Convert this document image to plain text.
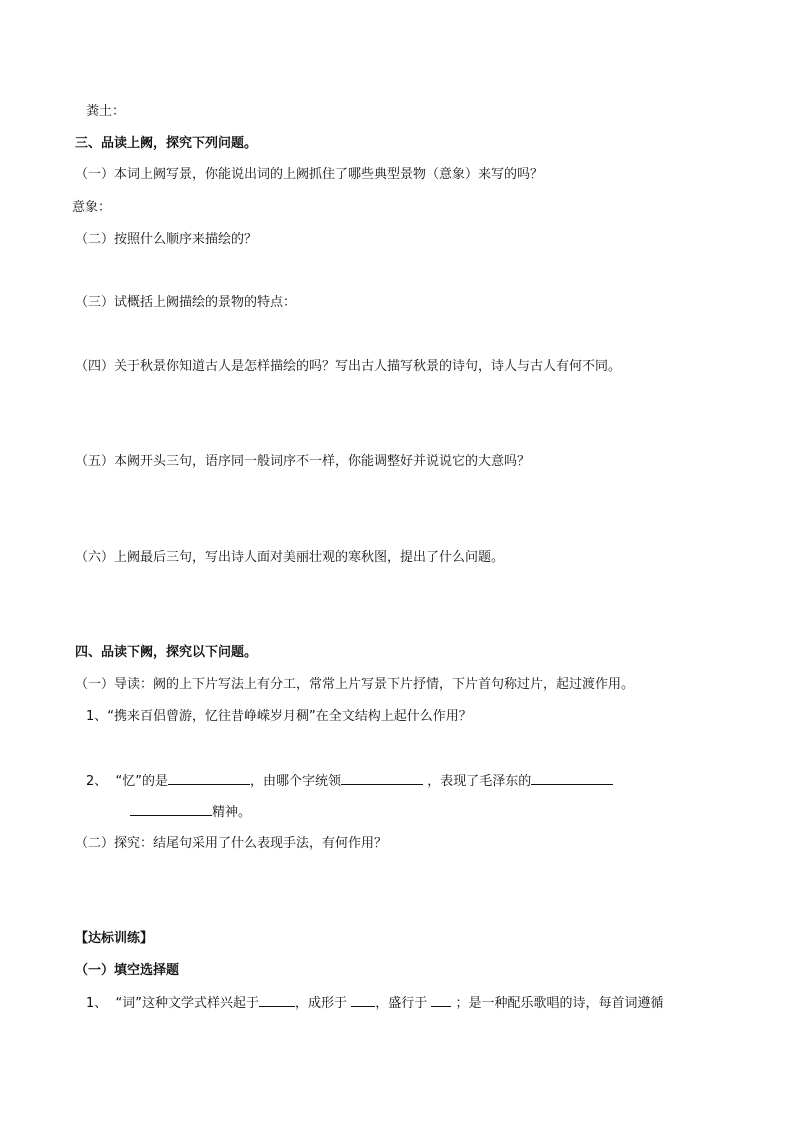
粪土：
三、品读上阙，探究下列问题。
（一）本词上阙写景，你能说出词的上阙抓住了哪些典型景物（意象）来写的吗？
意象：
（二）按照什么顺序来描绘的？
（三）试概括上阙描绘的景物的特点：
（四）关于秋景你知道古人是怎样描绘的吗？写出古人描写秋景的诗句，诗人与古人有何不同。
（五）本阙开头三句，语序同一般词序不一样，你能调整好并说说它的大意吗？
（六）上阙最后三句，写出诗人面对美丽壮观的寒秋图，提出了什么问题。
四、品读下阙，探究以下问题。
（一）导读：阙的上下片写法上有分工，常常上片写景下片抒情，下片首句称过片，起过渡作用。
1、“携来百侣曾游，忆往昔峥嵘岁月稠”在全文结构上起什么作用？
2、 “忆”的是	，由哪个字统领	，表现了毛泽东的
精神。
（二）探究：结尾句采用了什么表现手法，有何作用？
【达标训练】
（一）填空选择题
1、 “词”这种文学式样兴起于	，成形于 ，盛行于 ；是一种配乐歌唱的诗，每首词遵循
